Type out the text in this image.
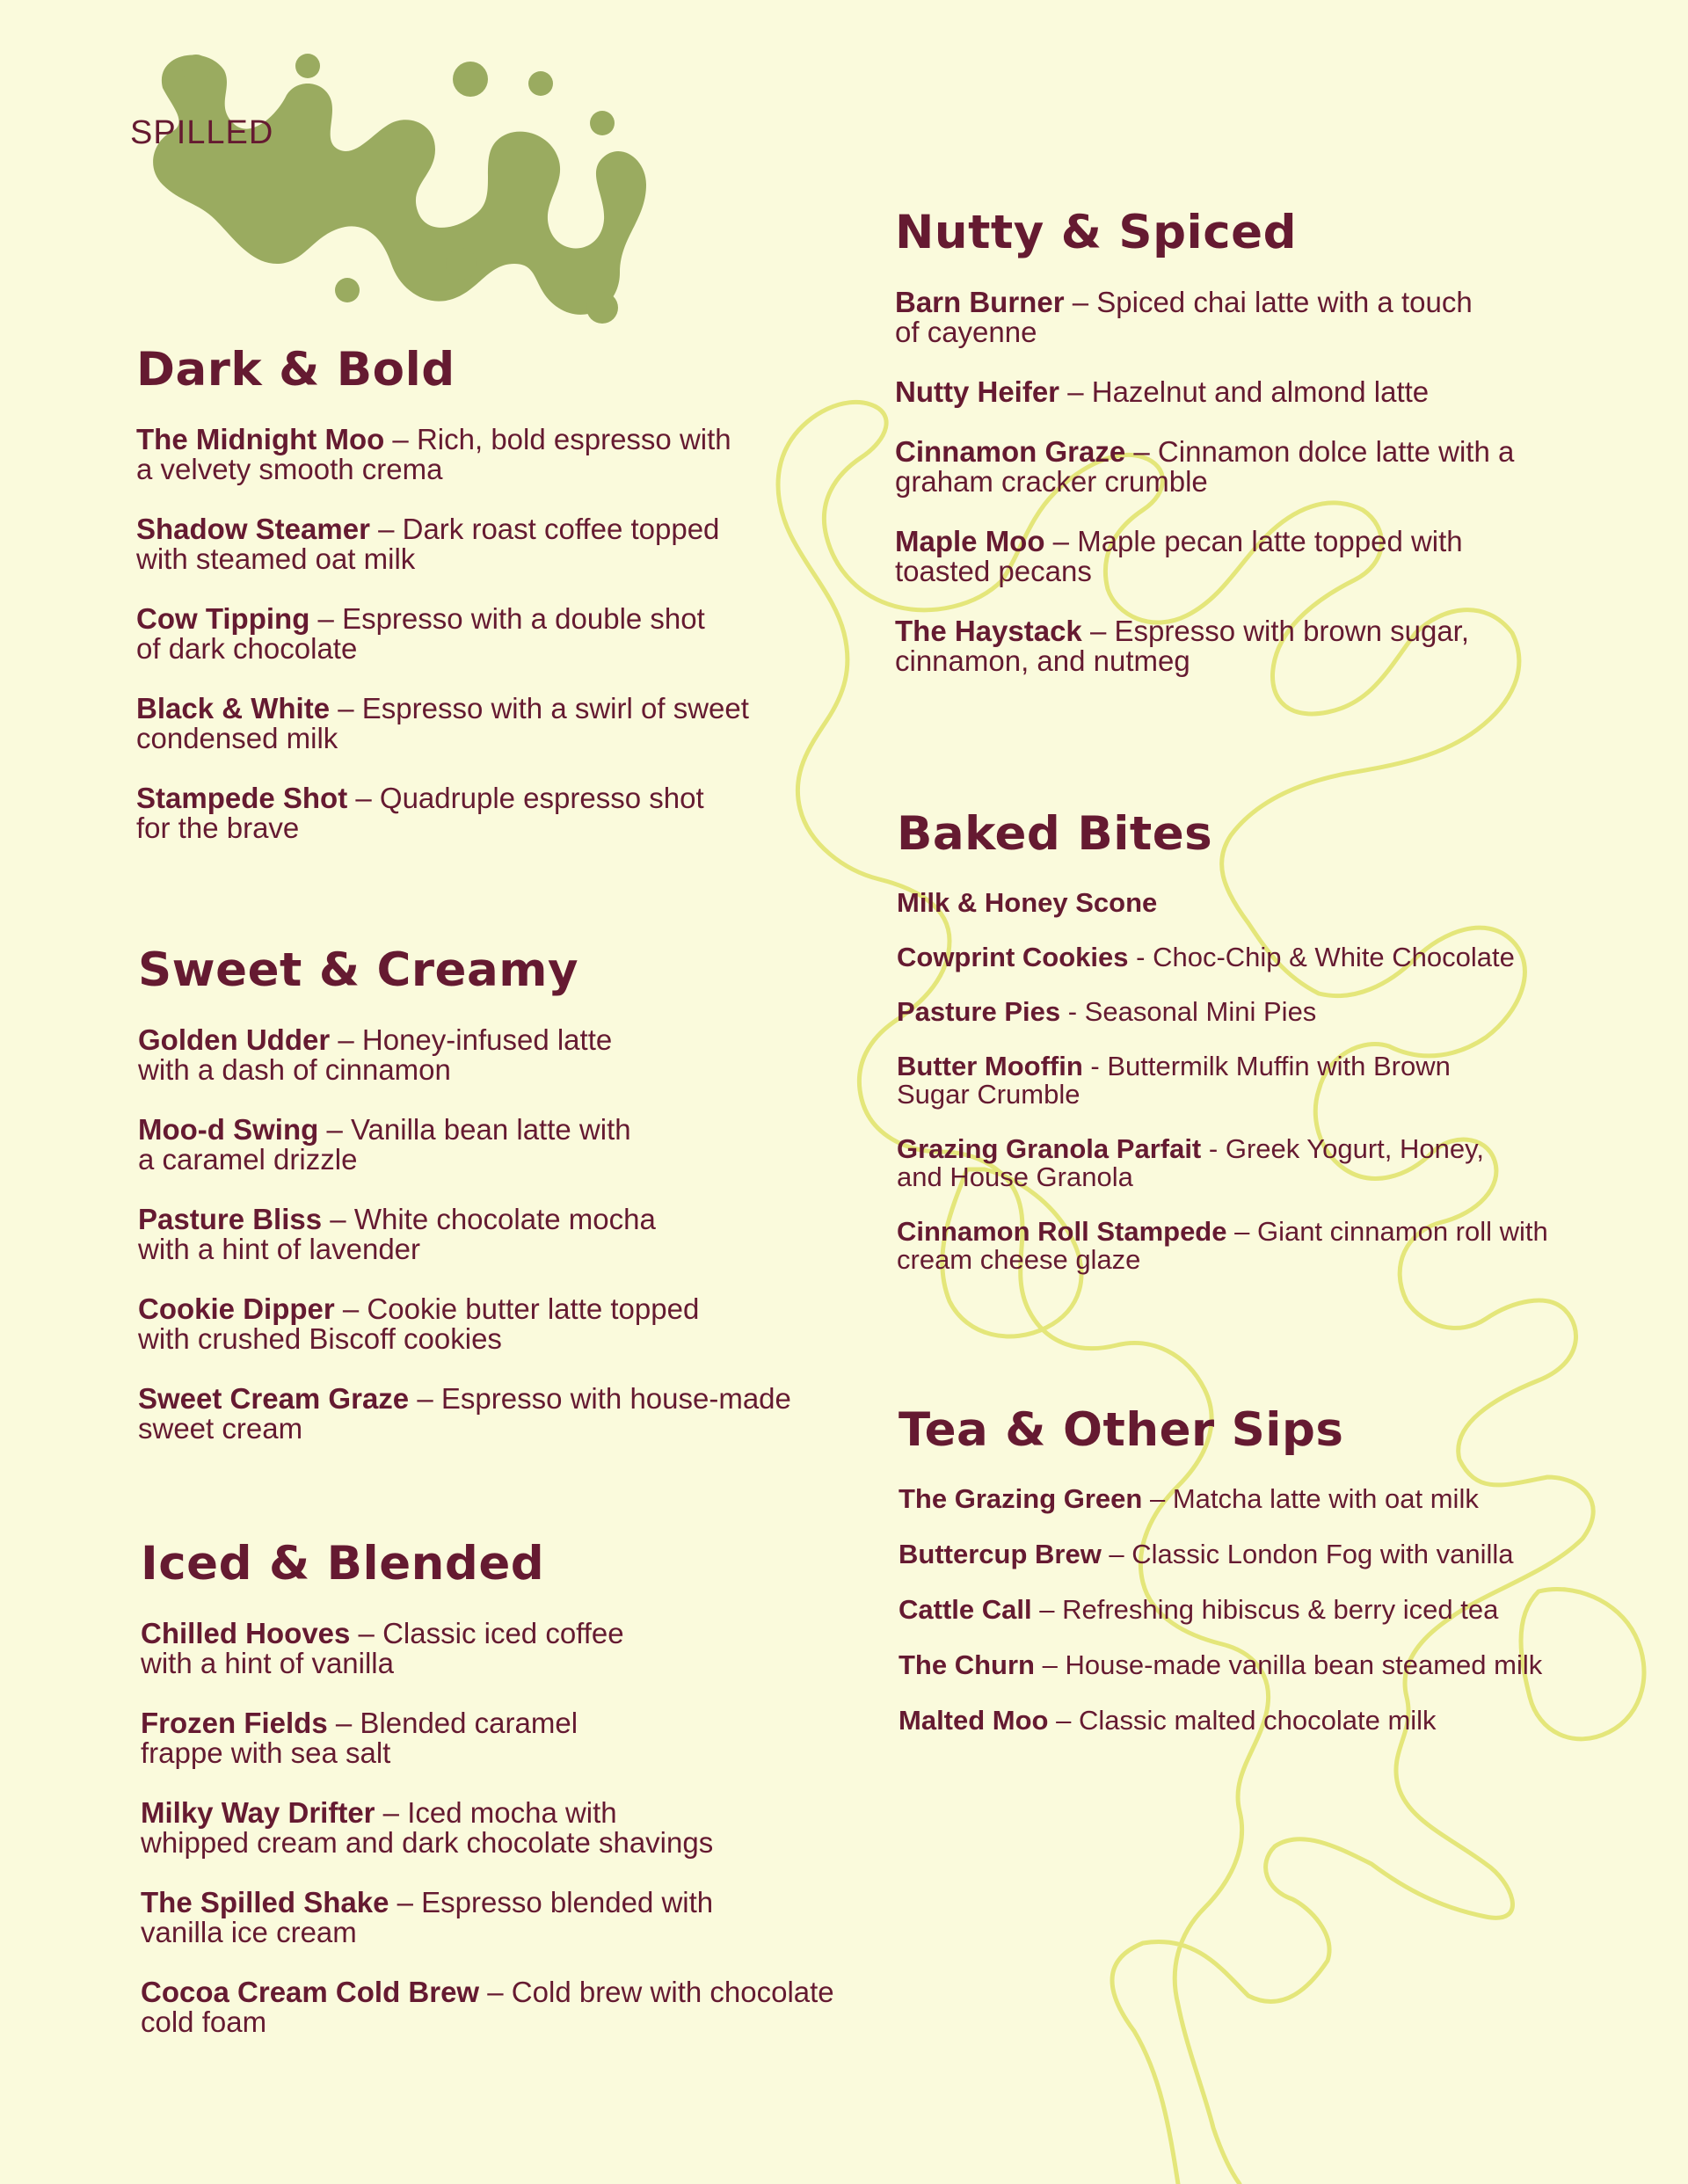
SPILLED

Dark & Bold
The Midnight Moo – Rich, bold espresso with
a velvety smooth crema
Shadow Steamer – Dark roast coffee topped
with steamed oat milk
Cow Tipping – Espresso with a double shot
of dark chocolate
Black & White – Espresso with a swirl of sweet
condensed milk
Stampede Shot – Quadruple espresso shot
for the brave
Sweet & Creamy
Golden Udder – Honey-infused latte
with a dash of cinnamon
Moo-d Swing – Vanilla bean latte with
a caramel drizzle
Pasture Bliss – White chocolate mocha
with a hint of lavender
Cookie Dipper – Cookie butter latte topped
with crushed Biscoff cookies
Sweet Cream Graze – Espresso with house-made
sweet cream
Iced & Blended
Chilled Hooves – Classic iced coffee
with a hint of vanilla
Frozen Fields – Blended caramel
frappe with sea salt
Milky Way Drifter – Iced mocha with
whipped cream and dark chocolate shavings
The Spilled Shake – Espresso blended with
vanilla ice cream
Cocoa Cream Cold Brew – Cold brew with chocolate
cold foam
Nutty & Spiced
Barn Burner – Spiced chai latte with a touch
of cayenne
Nutty Heifer – Hazelnut and almond latte
Cinnamon Graze – Cinnamon dolce latte with a
graham cracker crumble
Maple Moo – Maple pecan latte topped with
toasted pecans
The Haystack – Espresso with brown sugar,
cinnamon, and nutmeg
Baked Bites
Milk & Honey Scone
Cowprint Cookies - Choc-Chip & White Chocolate
Pasture Pies - Seasonal Mini Pies
Butter Mooffin - Buttermilk Muffin with Brown
Sugar Crumble
Grazing Granola Parfait - Greek Yogurt, Honey,
and House Granola
Cinnamon Roll Stampede – Giant cinnamon roll with
cream cheese glaze
Tea & Other Sips
The Grazing Green – Matcha latte with oat milk
Buttercup Brew – Classic London Fog with vanilla
Cattle Call – Refreshing hibiscus & berry iced tea
The Churn – House-made vanilla bean steamed milk
Malted Moo – Classic malted chocolate milk
